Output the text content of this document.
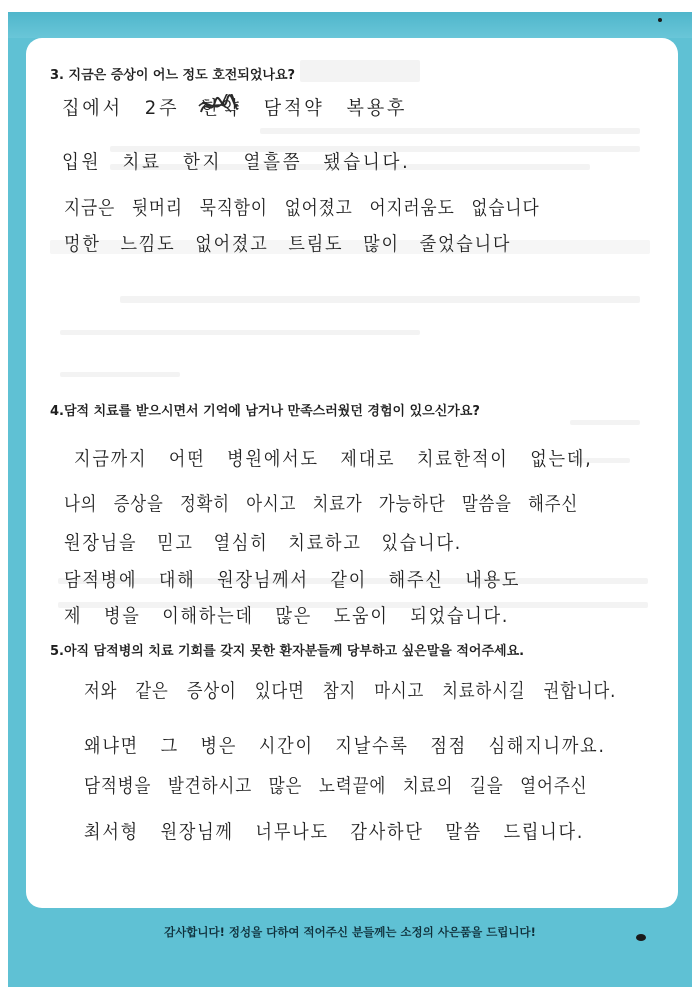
3. 지금은 증상이 어느 정도 호전되었나요?
집에서 2주 한약 담적약 복용후
입원 치료 한지 열흘쯤 됐습니다.
지금은 뒷머리 묵직함이 없어졌고 어지러움도 없습니다
멍한 느낌도 없어졌고 트림도 많이 줄었습니다
4.담적 치료를 받으시면서 기억에 남거나 만족스러웠던 경험이 있으신가요?
지금까지 어떤 병원에서도 제대로 치료한적이 없는데,
나의 증상을 정확히 아시고 치료가 가능하단 말씀을 해주신
원장님을 믿고 열심히 치료하고 있습니다.
담적병에 대해 원장님께서 같이 해주신 내용도
제 병을 이해하는데 많은 도움이 되었습니다.
5.아직 담적병의 치료 기회를 갖지 못한 환자분들께 당부하고 싶은말을 적어주세요.
저와 같은 증상이 있다면 참지 마시고 치료하시길 권합니다.
왜냐면 그 병은 시간이 지날수록 점점 심해지니까요.
담적병을 발견하시고 많은 노력끝에 치료의 길을 열어주신
최서형 원장님께 너무나도 감사하단 말씀 드립니다.
감사합니다! 정성을 다하여 적어주신 분들께는 소정의 사은품을 드립니다!
